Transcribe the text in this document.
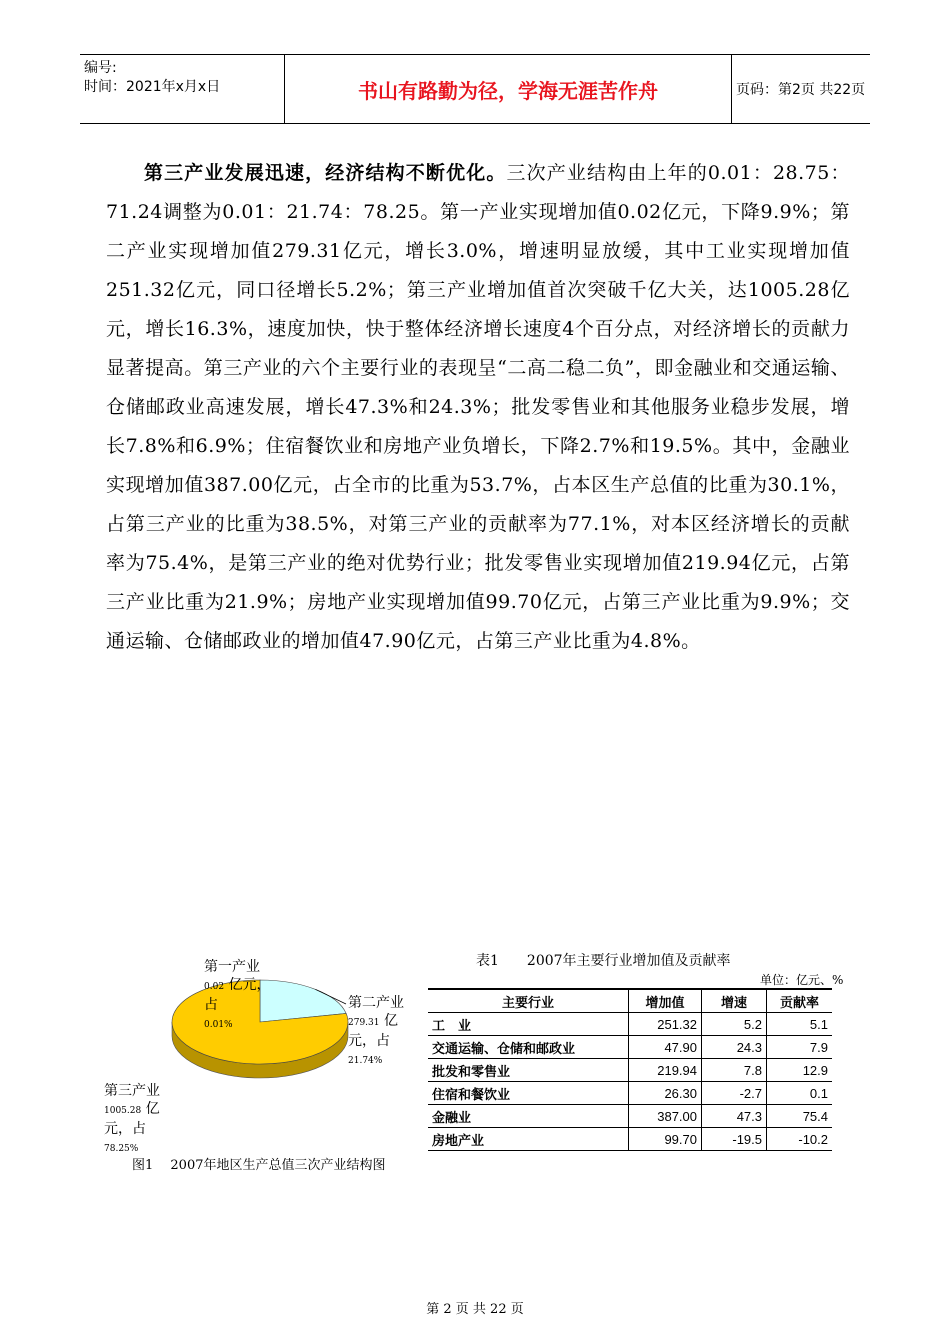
编号:
时间：2021年x月x日	书山有路勤为径，学海无涯苦作舟	页码：第2页 共22页
第三产业发展迅速，经济结构不断优化。三次产业结构由上年的0.01：28.75：71.24调整为0.01：21.74：78.25。第一产业实现增加值0.02亿元，下降9.9%；第二产业实现增加值279.31亿元，增长3.0%，增速明显放缓，其中工业实现增加值251.32亿元，同口径增长5.2%；第三产业增加值首次突破千亿大关，达1005.28亿元，增长16.3%，速度加快，快于整体经济增长速度4个百分点，对经济增长的贡献力显著提高。第三产业的六个主要行业的表现呈“二高二稳二负”，即金融业和交通运输、仓储邮政业高速发展，增长47.3%和24.3%；批发零售业和其他服务业稳步发展，增长7.8%和6.9%；住宿餐饮业和房地产业负增长，下降2.7%和19.5%。其中，金融业实现增加值387.00亿元，占全市的比重为53.7%，占本区生产总值的比重为30.1%，占第三产业的比重为38.5%，对第三产业的贡献率为77.1%，对本区经济增长的贡献率为75.4%，是第三产业的绝对优势行业；批发零售业实现增加值219.94亿元，占第三产业比重为21.9%；房地产业实现增加值99.70亿元，占第三产业比重为9.9%；交通运输、仓储邮政业的增加值47.90亿元，占第三产业比重为4.8%。
第一产业
0.02 亿元，占
0.01%
第二产业
279.31 亿元，占
21.74%
第三产业
1005.28 亿元，占
78.25%
图1　 2007年地区生产总值三次产业结构图
表1　　2007年主要行业增加值及贡献率
单位：亿元、%
主要行业	增加值	增速	贡献率
工　业	251.32	5.2	5.1
交通运输、仓储和邮政业	47.90	24.3	7.9
批发和零售业	219.94	7.8	12.9
住宿和餐饮业	26.30	-2.7	0.1
金融业	387.00	47.3	75.4
房地产业	99.70	-19.5	-10.2
第 2 页 共 22 页
